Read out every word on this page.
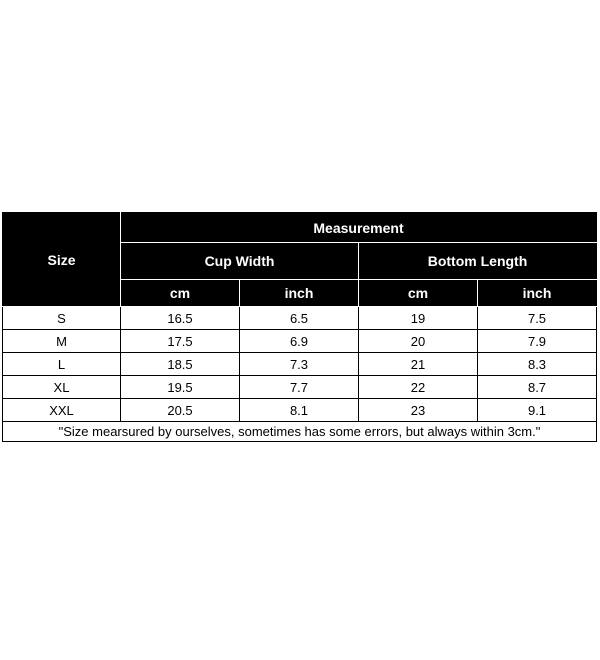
Size	Measurement			
	Cup Width		Bottom Length	
	cm	inch	cm	inch
S	16.5	6.5	19	7.5
M	17.5	6.9	20	7.9
L	18.5	7.3	21	8.3
XL	19.5	7.7	22	8.7
XXL	20.5	8.1	23	9.1
"Size mearsured by ourselves, sometimes has some errors, but always within 3cm."				
